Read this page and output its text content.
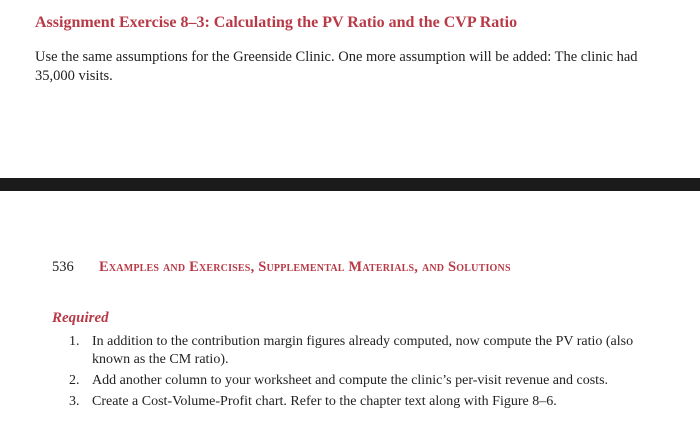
Assignment Exercise 8–3: Calculating the PV Ratio and the CVP Ratio
Use the same assumptions for the Greenside Clinic. One more assumption will be added: The clinic had 35,000 visits.
536 Examples and Exercises, Supplemental Materials, and Solutions
Required
1. In addition to the contribution margin figures already computed, now compute the PV ratio (also known as the CM ratio).
2. Add another column to your worksheet and compute the clinic’s per-visit revenue and costs.
3. Create a Cost-Volume-Profit chart. Refer to the chapter text along with Figure 8–6.
